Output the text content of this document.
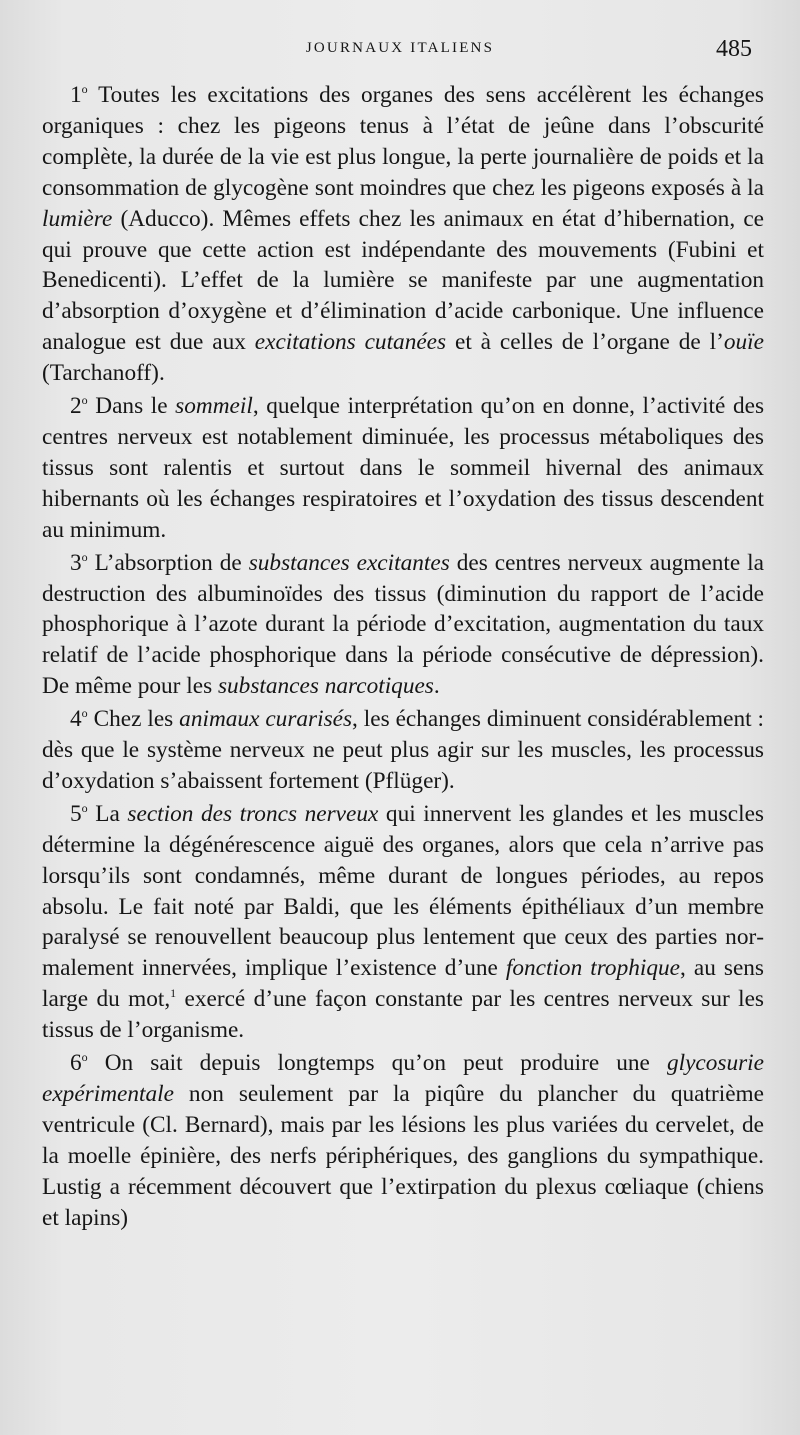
JOURNAUX ITALIENS	485

1$^o$ Toutes les excitations des organes des sens accélèrent les échanges organiques : chez les pigeons tenus à l’état de jeûne dans l’obscurité complète, la durée de la vie est plus longue, la perte journalière de poids et la consommation de glycogène sont moindres que chez les pigeons exposés à la lumière (Aducco). Mêmes effets chez les animaux en état d’hibernation, ce qui prouve que cette action est indépendante des mouvements (Fubini et Benedicenti). L’effet de la lumière se manifeste par une augmentation d’absorption d’oxygène et d’élimination d’acide carbonique. Une influence analogue est due aux excitations cutanées et à celles de l’organe de l’ouïe (Tarchanoff).

2$^o$ Dans le sommeil, quelque interprétation qu’on en donne, l’activité des centres nerveux est notablement diminuée, les processus métaboliques des tissus sont ralentis et surtout dans le sommeil hivernal des animaux hibernants où les échanges respiratoires et l’oxydation des tissus descendent au minimum.

3$^o$ L’absorption de substances excitantes des centres nerveux augmente la destruction des albuminoïdes des tissus (diminution du rapport de l’acide phosphorique à l’azote durant la période d’excitation, augmentation du taux relatif de l’acide phosphorique dans la période consécutive de dépression). De même pour les substances narcotiques.

4$^o$ Chez les animaux curarisés, les échanges diminuent considérablement : dès que le système nerveux ne peut plus agir sur les muscles, les processus d’oxydation s’abaissent fortement (Pflüger).

5$^o$ La section des troncs nerveux qui innervent les glandes et les muscles détermine la dégénérescence aiguë des organes, alors que cela n’arrive pas lorsqu’ils sont condamnés, même durant de longues périodes, au repos absolu. Le fait noté par Baldi, que les éléments épithéliaux d’un membre paralysé se renouvellent beaucoup plus lentement que ceux des parties normalement innervées, implique l’existence d’une fonction trophique, au sens large du mot,$^1$ exercé d’une façon constante par les centres nerveux sur les tissus de l’organisme.

6$^o$ On sait depuis longtemps qu’on peut produire une glycosurie expérimentale non seulement par la piqûre du plancher du quatrième ventricule (Cl. Bernard), mais par les lésions les plus variées du cervelet, de la moelle épinière, des nerfs périphériques, des ganglions du sympathique. Lustig a récemment découvert que l’extirpation du plexus cœliaque (chiens et lapins)
